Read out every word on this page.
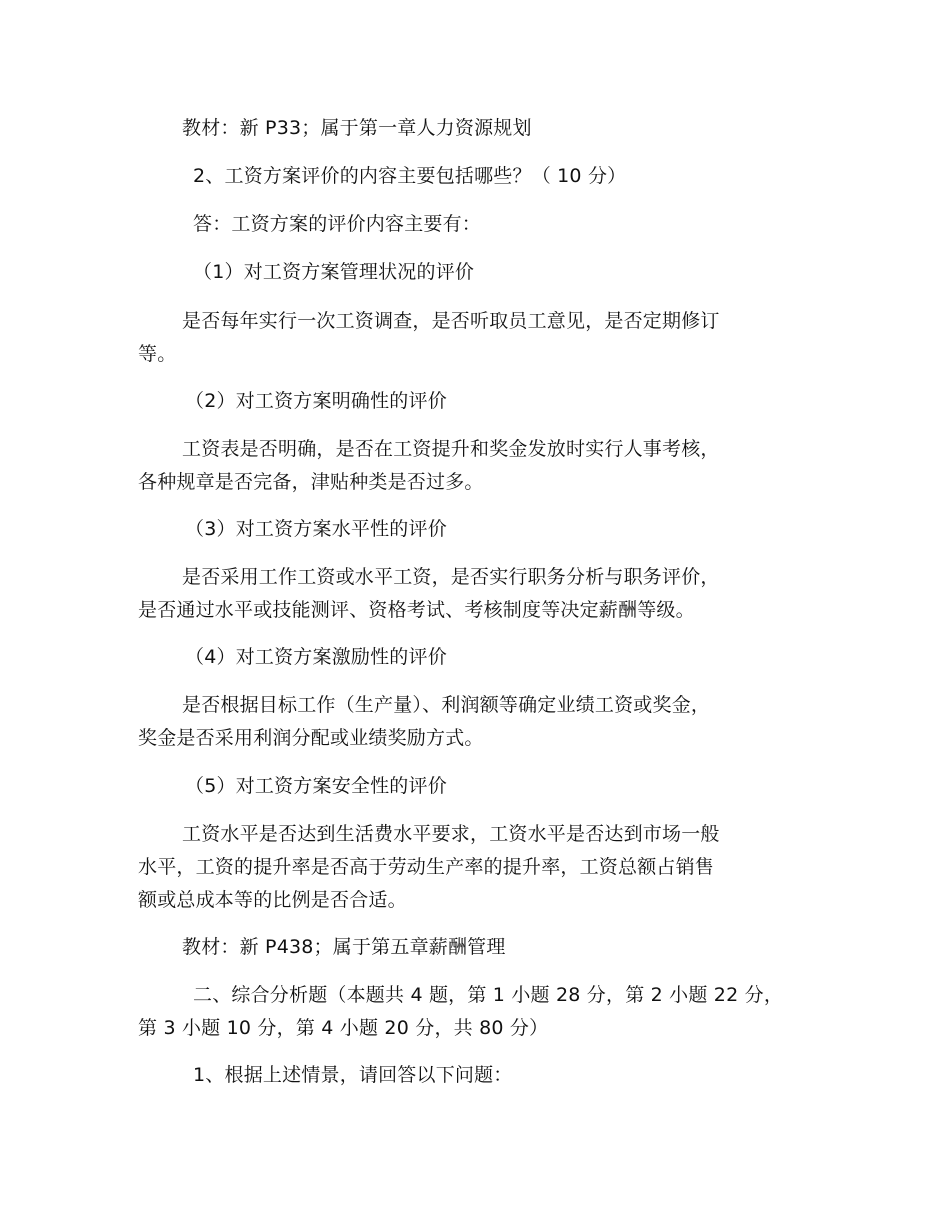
教材：新 P33；属于第一章人力资源规划
2、工资方案评价的内容主要包括哪些？（ 10 分）
答：工资方案的评价内容主要有：
（1）对工资方案管理状况的评价
是否每年实行一次工资调查，是否听取员工意见，是否定期修订
等。
（2）对工资方案明确性的评价
工资表是否明确，是否在工资提升和奖金发放时实行人事考核，
各种规章是否完备，津贴种类是否过多。
（3）对工资方案水平性的评价
是否采用工作工资或水平工资，是否实行职务分析与职务评价，
是否通过水平或技能测评、资格考试、考核制度等决定薪酬等级。
（4）对工资方案激励性的评价
是否根据目标工作（生产量）、利润额等确定业绩工资或奖金，
奖金是否采用利润分配或业绩奖励方式。
（5）对工资方案安全性的评价
工资水平是否达到生活费水平要求，工资水平是否达到市场一般
水平，工资的提升率是否高于劳动生产率的提升率，工资总额占销售
额或总成本等的比例是否合适。
教材：新 P438；属于第五章薪酬管理
二、综合分析题（本题共 4 题，第 1 小题 28 分，第 2 小题 22 分，
第 3 小题 10 分，第 4 小题 20 分，共 80 分）
1、根据上述情景，请回答以下问题：
